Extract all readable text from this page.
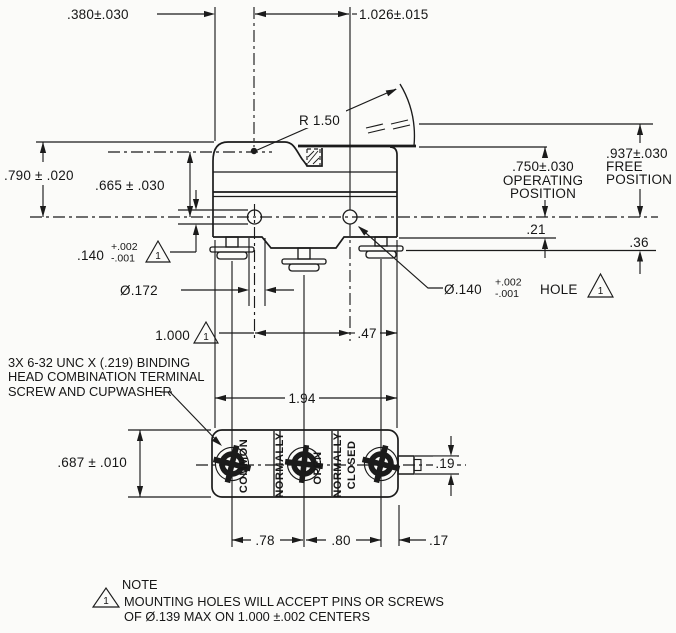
COMMON NORMALLY OPEN NORMALLY CLOSED
.380±.030	1.026±.015
R 1.50
.937±.030
FREE
POSITION
.750±.030
OPERATING
POSITION
.790 ± .020
.665 ± .030
.140
+.002
-.001 1
.21
.36
Ø.172	Ø.140 +.002
-.001 HOLE 1
1.000 1	.47
1.94
3X 6-32 UNC X (.219) BINDING
HEAD COMBINATION TERMINAL
SCREW AND CUPWASHER
.687 ± .010
.78	.80	.17
.19
NOTE
1 MOUNTING HOLES WILL ACCEPT PINS OR SCREWS
OF Ø.139 MAX ON 1.000 ±.002 CENTERS
